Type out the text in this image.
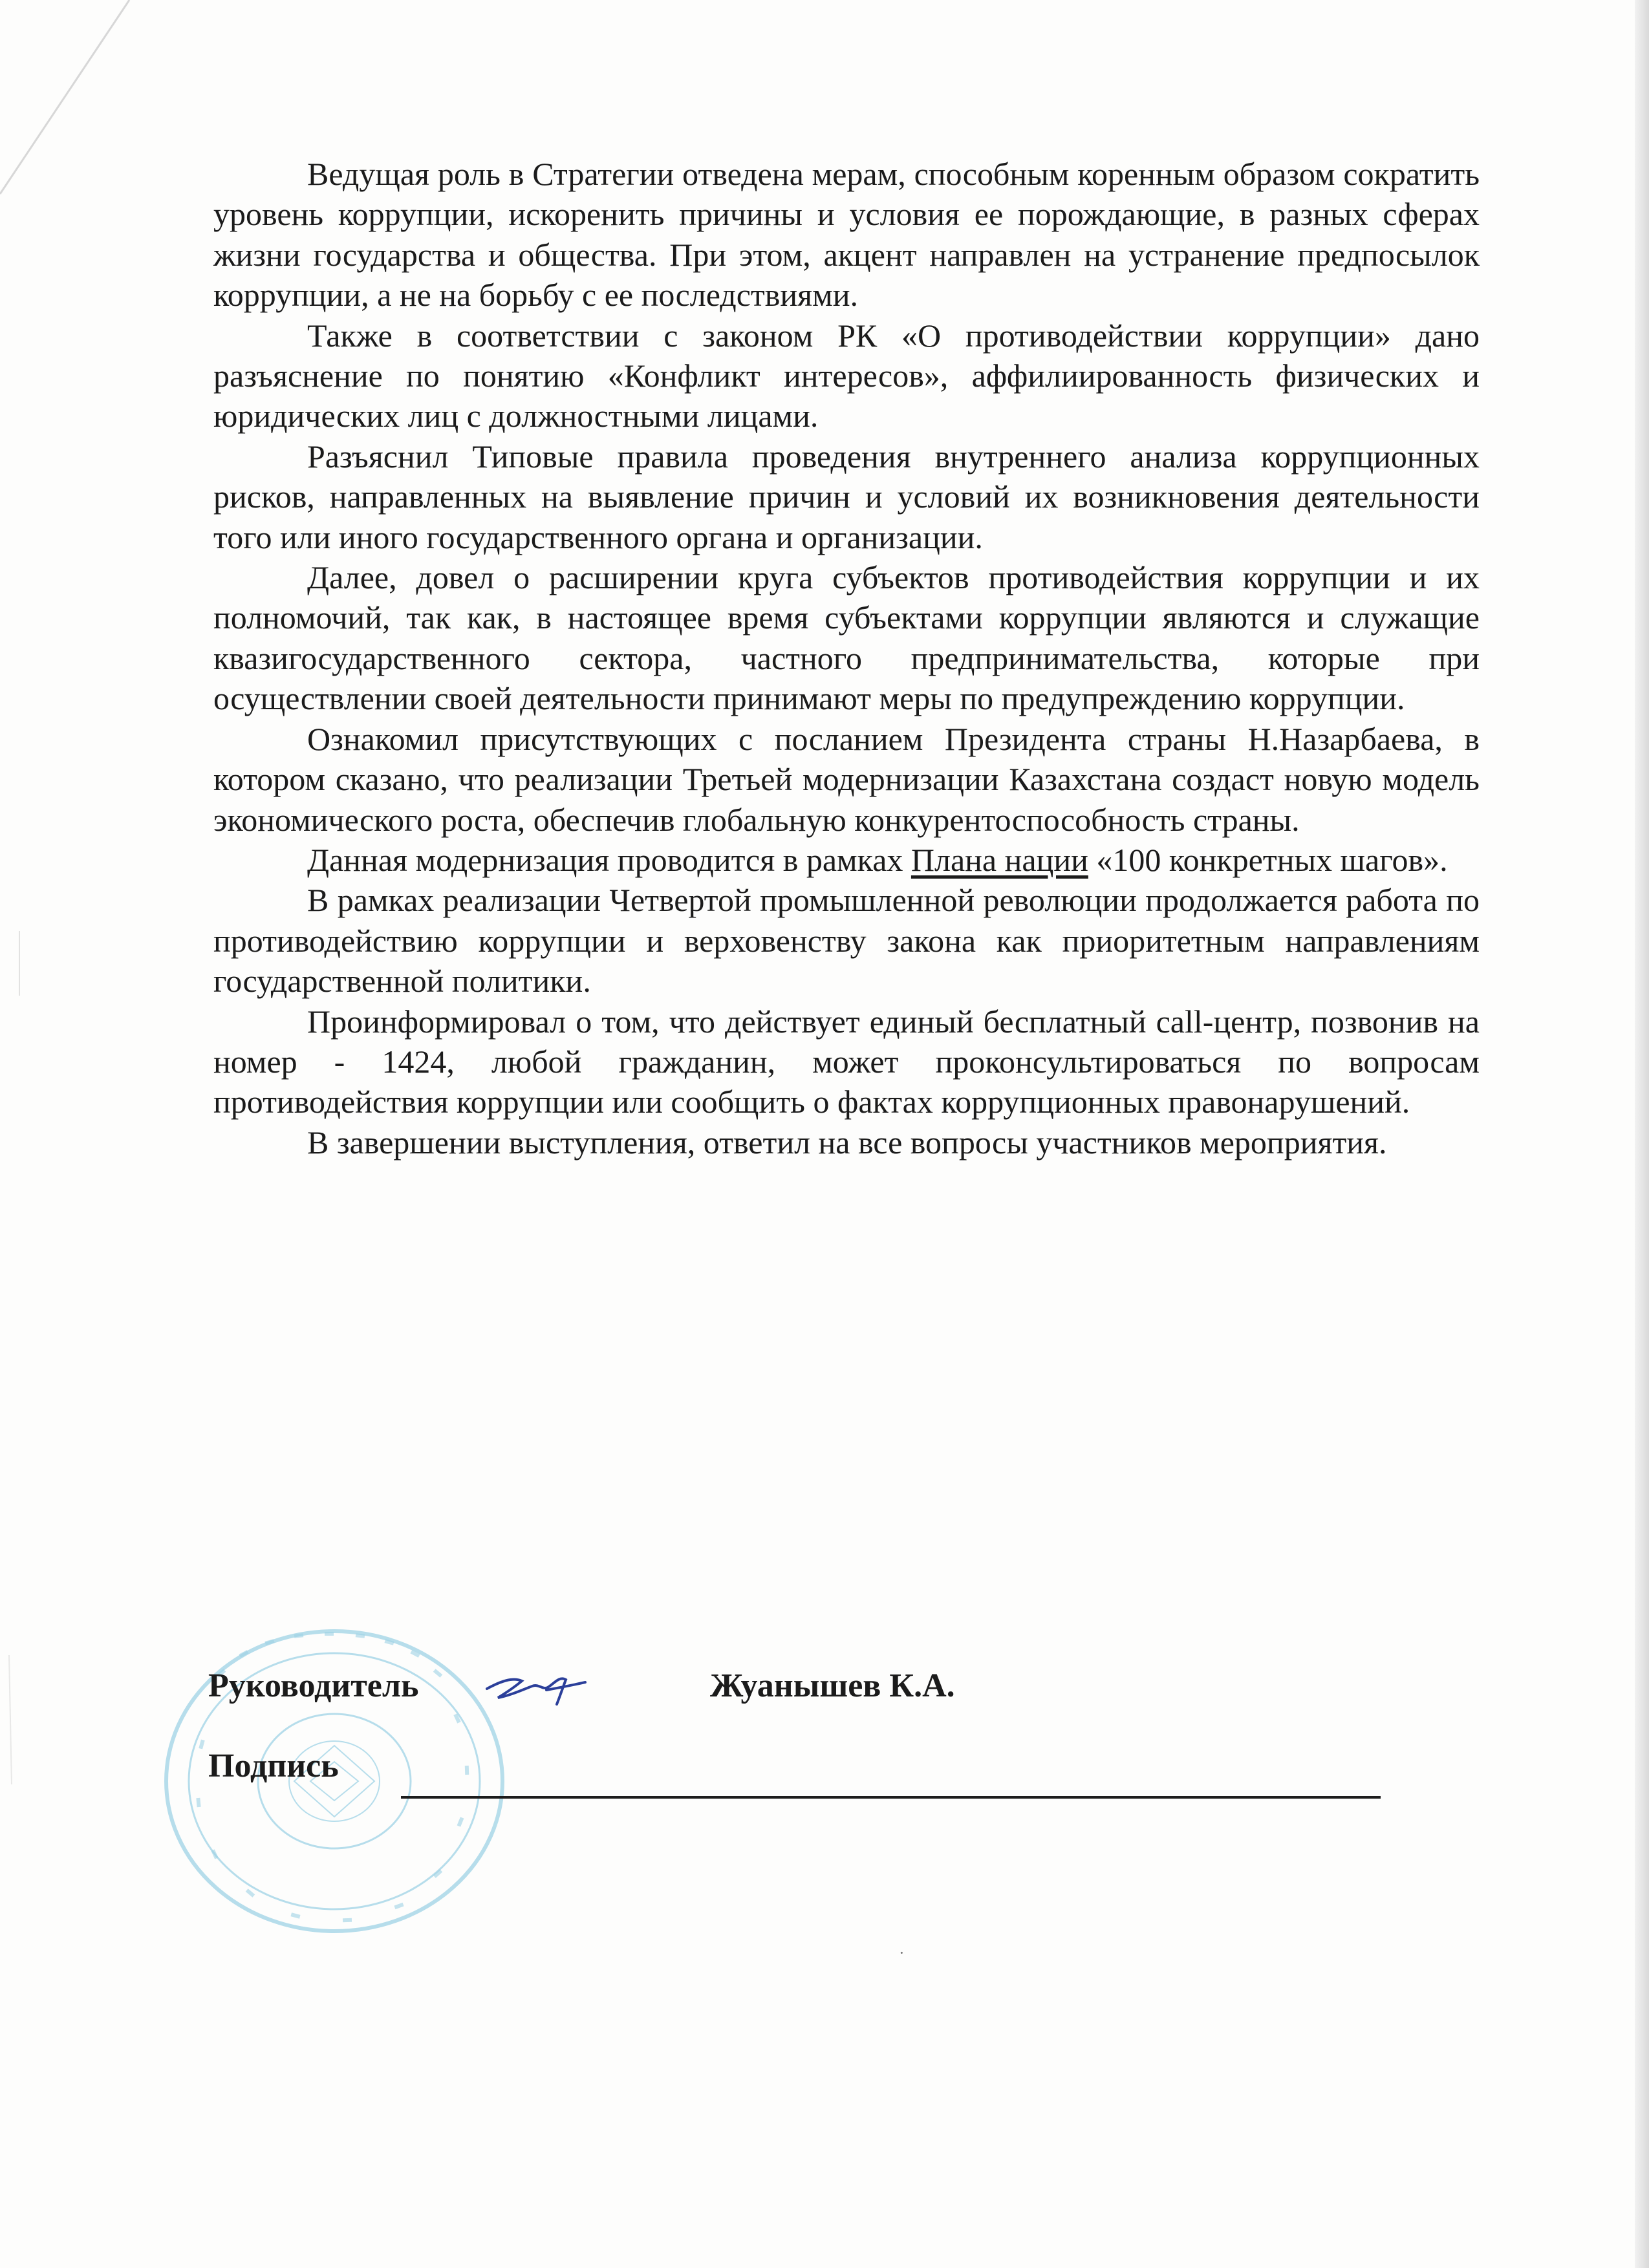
Ведущая роль в Стратегии отведена мерам, способным коренным образом сократить уровень коррупции, искоренить причины и условия ее порождающие, в разных сферах жизни государства и общества. При этом, акцент направлен на устранение предпосылок коррупции, а не на борьбу с ее последствиями.

Также в соответствии с законом РК «О противодействии коррупции» дано разъяснение по понятию «Конфликт интересов», аффилиированность физических и юридических лиц с должностными лицами.

Разъяснил Типовые правила проведения внутреннего анализа коррупционных рисков, направленных на выявление причин и условий их возникновения деятельности того или иного государственного органа и организации.

Далее, довел о расширении круга субъектов противодействия коррупции и их полномочий, так как, в настоящее время субъектами коррупции являются и служащие квазигосударственного сектора, частного предпринимательства, которые при осуществлении своей деятельности принимают меры по предупреждению коррупции.

Ознакомил присутствующих с посланием Президента страны Н.Назарбаева, в котором сказано, что реализации Третьей модернизации Казахстана создаст новую модель экономического роста, обеспечив глобальную конкурентоспособность страны.

Данная модернизация проводится в рамках Плана нации «100 конкретных шагов».

В рамках реализации Четвертой промышленной революции продолжается работа по противодействию коррупции и верховенству закона как приоритетным направлениям государственной политики.

Проинформировал о том, что действует единый бесплатный call-центр, позвонив на номер - 1424, любой гражданин, может проконсультироваться по вопросам противодействия коррупции или сообщить о фактах коррупционных правонарушений.

В завершении выступления, ответил на все вопросы участников мероприятия.

Руководитель	Жуанышев К.А.
Подпись
·
